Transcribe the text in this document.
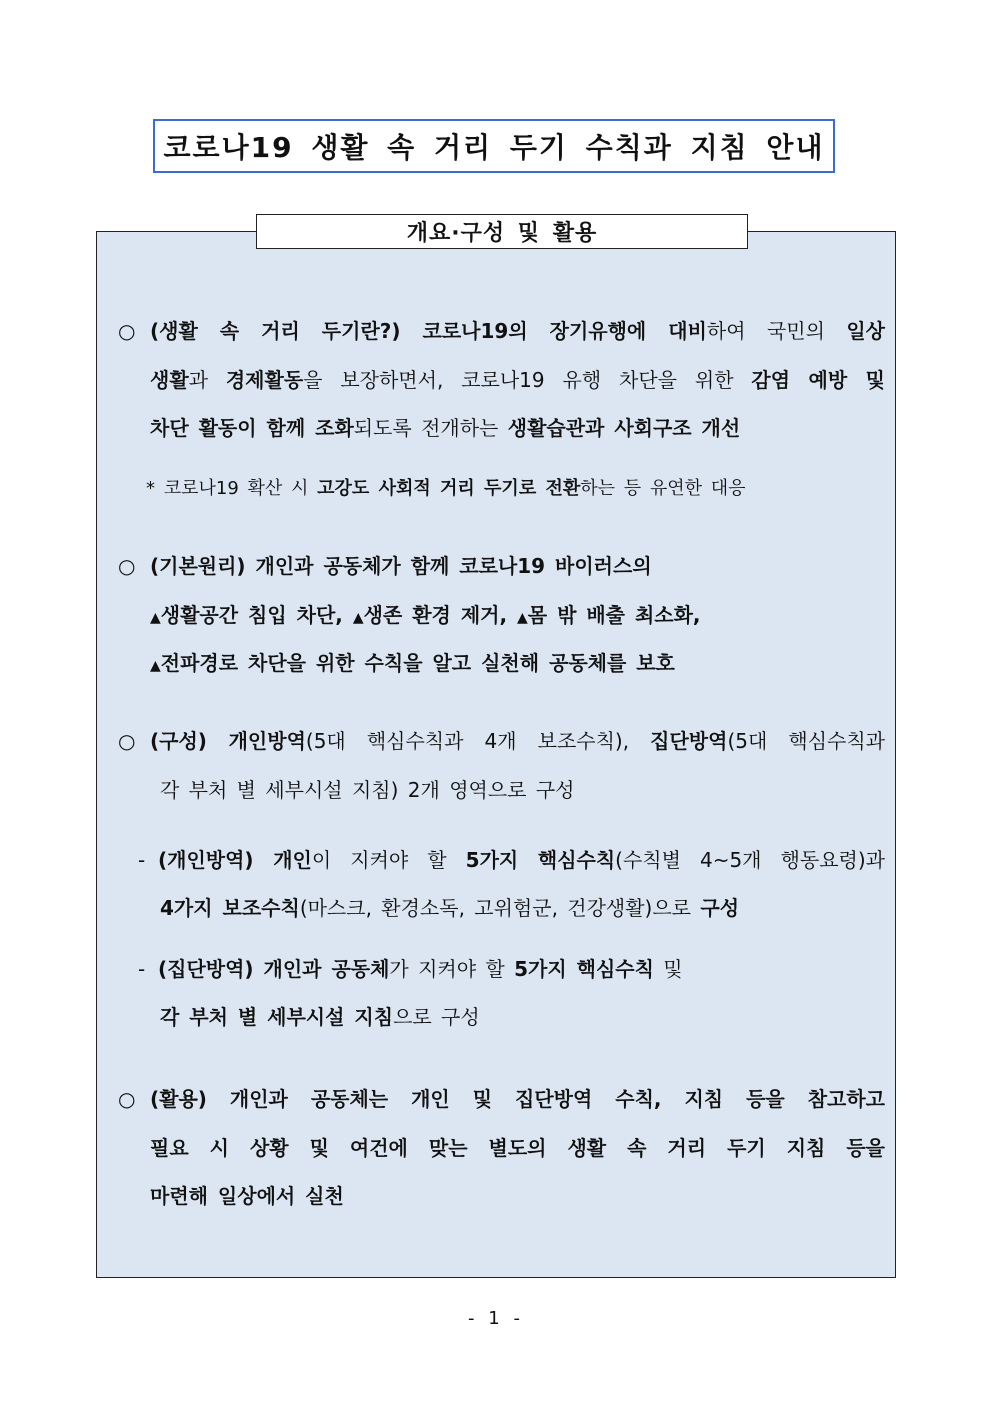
코로나19 생활 속 거리 두기 수칙과 지침 안내
개요·구성 및 활용
○ (생활 속 거리 두기란?) 코로나19의 장기유행에 대비하여 국민의 일상
생활과 경제활동을 보장하면서, 코로나19 유행 차단을 위한 감염 예방 및
차단 활동이 함께 조화되도록 전개하는 생활습관과 사회구조 개선
* 코로나19 확산 시 고강도 사회적 거리 두기로 전환하는 등 유연한 대응
○ (기본원리) 개인과 공동체가 함께 코로나19 바이러스의
▲생활공간 침입 차단, ▲생존 환경 제거, ▲몸 밖 배출 최소화,
▲전파경로 차단을 위한 수칙을 알고 실천해 공동체를 보호
○ (구성) 개인방역(5대 핵심수칙과 4개 보조수칙), 집단방역(5대 핵심수칙과
각 부처 별 세부시설 지침) 2개 영역으로 구성
- (개인방역) 개인이 지켜야 할 5가지 핵심수칙(수칙별 4~5개 행동요령)과
4가지 보조수칙(마스크, 환경소독, 고위험군, 건강생활)으로 구성
- (집단방역) 개인과 공동체가 지켜야 할 5가지 핵심수칙 및
각 부처 별 세부시설 지침으로 구성
○ (활용) 개인과 공동체는 개인 및 집단방역 수칙, 지침 등을 참고하고
필요 시 상황 및 여건에 맞는 별도의 생활 속 거리 두기 지침 등을
마련해 일상에서 실천
- 1 -
